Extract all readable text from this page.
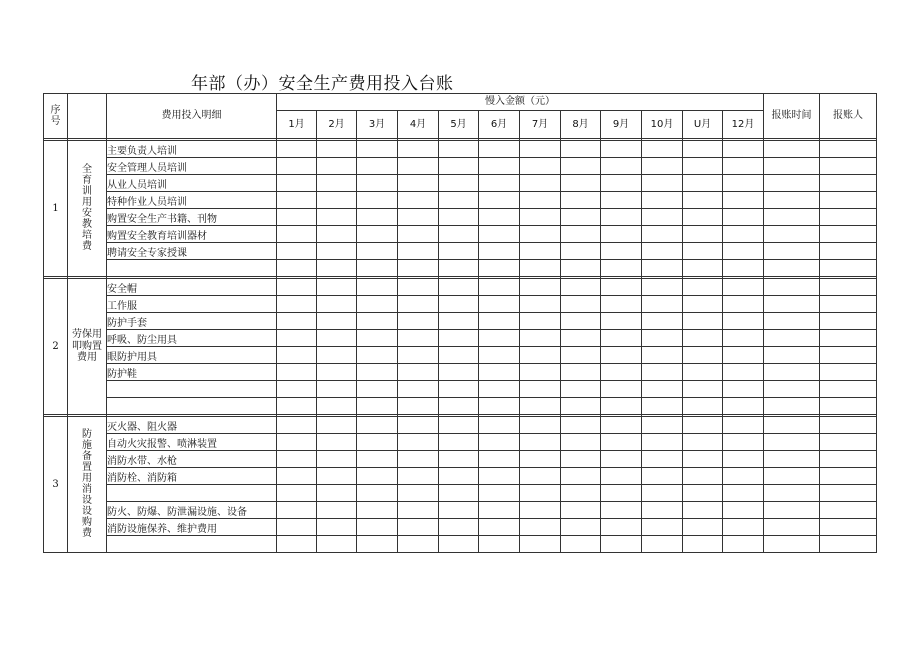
年部（办）安全生产费用投入台账
序号		费用投入明细	慢入金额（元）												报账时间	报账人
			1月	2月	3月	4月	5月	6月	7月	8月	9月	10月	U月	12月		

1	全育训用安教培费	主要负责人培训														
		安全管理人员培训														
		从业人员培训														
		特种作业人员培训														
		购置安全生产书籍、刊物														
		购置安全教育培训器材														
		聘请安全专家授课														

2	劳保用叩购置费用	安全帽														
		工作服														
		防护手套														
		呼吸、防尘用具														
		眼防护用具														
		防护鞋														

3	防施备置用消设设购费	灭火器、阻火器														
		自动火灾报警、喷淋装置														
		消防水带、水枪														
		消防栓、消防箱														

		防火、防爆、防泄漏设施、设备														
		消防设施保养、维护费用														
